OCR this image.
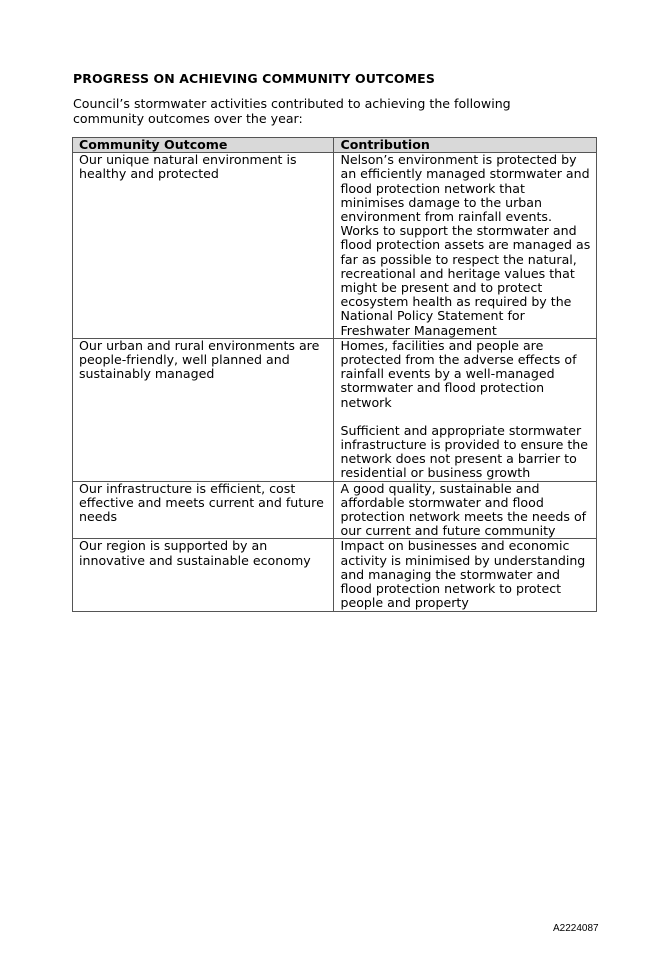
PROGRESS ON ACHIEVING COMMUNITY OUTCOMES
Council’s stormwater activities contributed to achieving the following community outcomes over the year:
Community Outcome	Contribution
Our unique natural environment is healthy and protected	Nelson’s environment is protected by an efficiently managed stormwater and flood protection network that minimises damage to the urban environment from rainfall events. Works to support the stormwater and flood protection assets are managed as far as possible to respect the natural, recreational and heritage values that might be present and to protect ecosystem health as required by the National Policy Statement for Freshwater Management

Our urban and rural environments are people-friendly, well planned and sustainably managed	Homes, facilities and people are protected from the adverse effects of rainfall events by a well-managed stormwater and flood protection network
Sufficient and appropriate stormwater infrastructure is provided to ensure the network does not present a barrier to residential or business growth

Our infrastructure is efficient, cost effective and meets current and future needs	A good quality, sustainable and affordable stormwater and flood protection network meets the needs of our current and future community

Our region is supported by an innovative and sustainable economy	Impact on businesses and economic activity is minimised by understanding and managing the stormwater and flood protection network to protect people and property
A2224087
